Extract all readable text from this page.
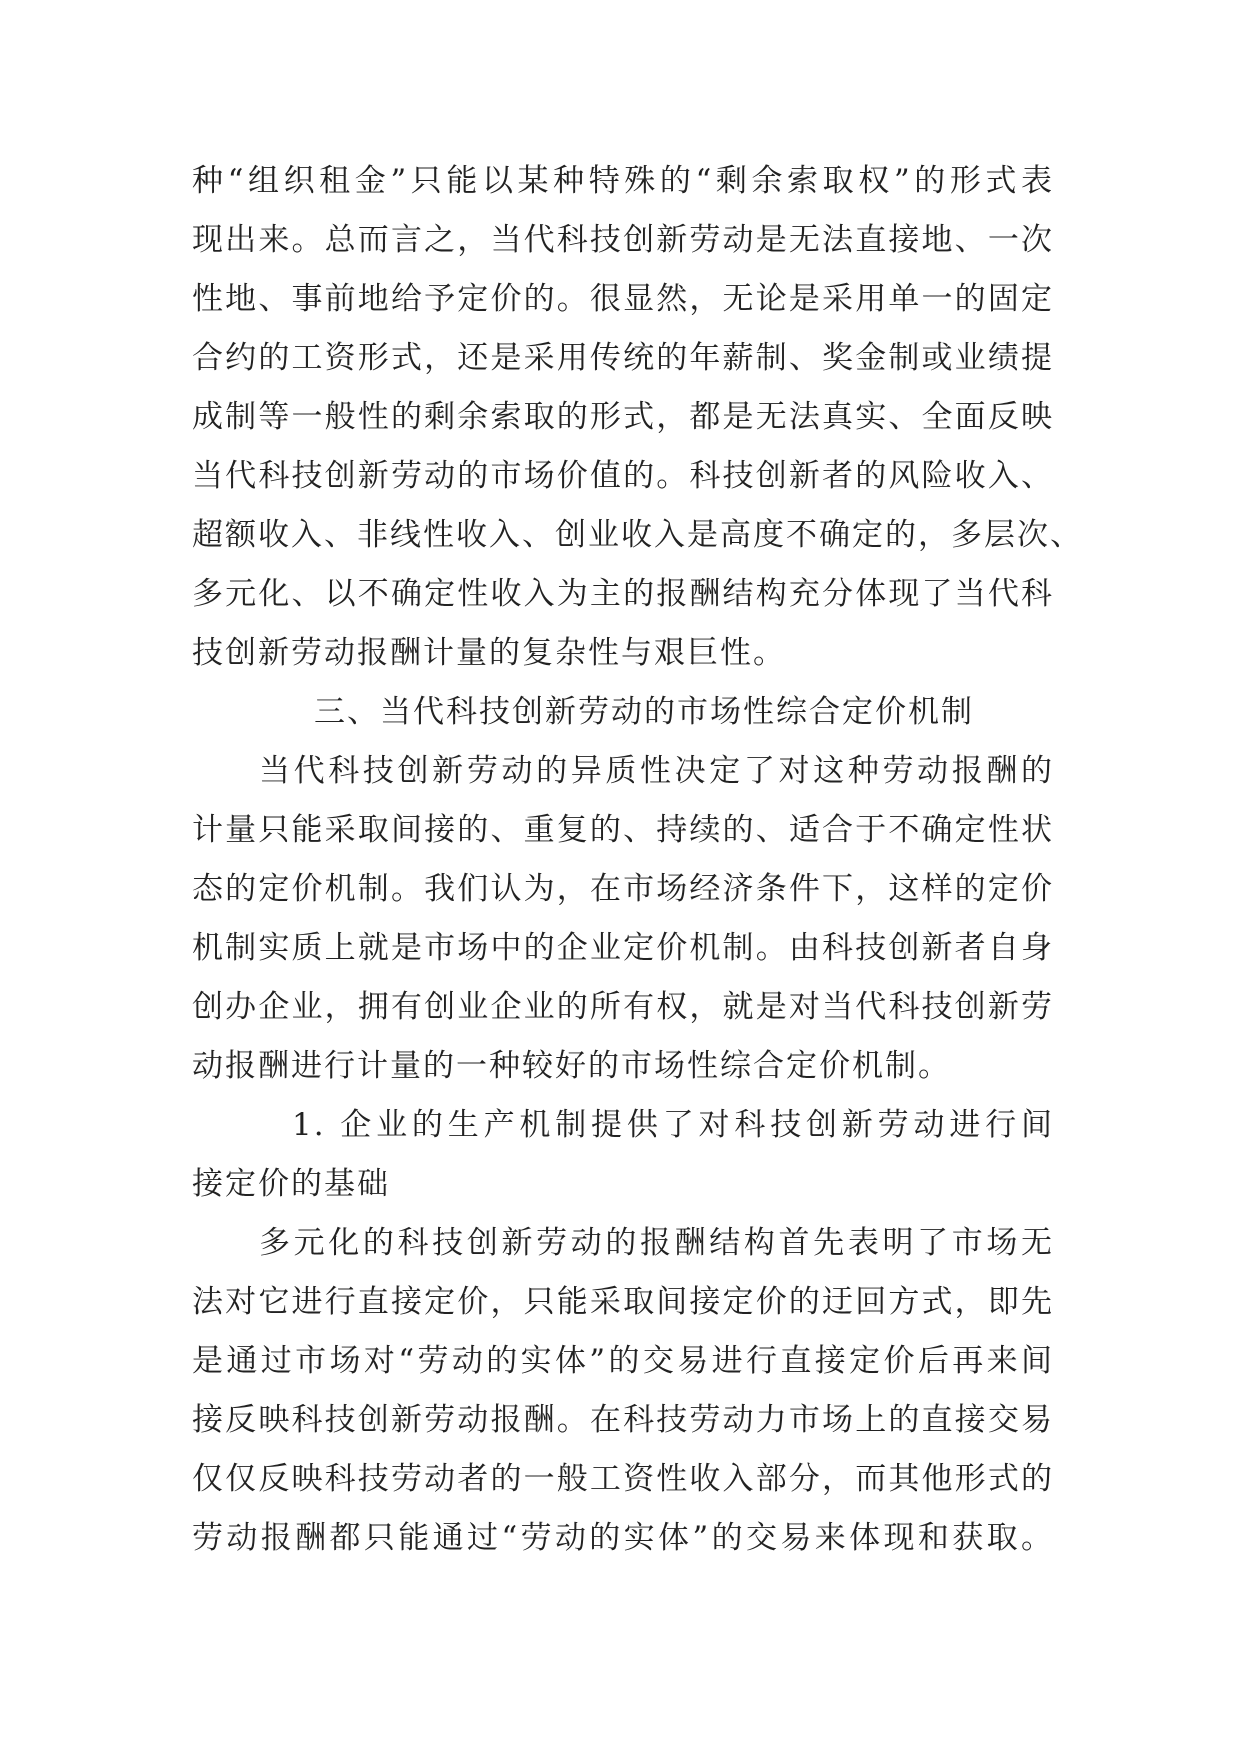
种“组织租金”只能以某种特殊的“剩余索取权”的形式表
现出来。总而言之，当代科技创新劳动是无法直接地、一次
性地、事前地给予定价的。很显然，无论是采用单一的固定
合约的工资形式，还是采用传统的年薪制、奖金制或业绩提
成制等一般性的剩余索取的形式，都是无法真实、全面反映
当代科技创新劳动的市场价值的。科技创新者的风险收入、
超额收入、非线性收入、创业收入是高度不确定的，多层次、
多元化、以不确定性收入为主的报酬结构充分体现了当代科
技创新劳动报酬计量的复杂性与艰巨性。
三、当代科技创新劳动的市场性综合定价机制
当代科技创新劳动的异质性决定了对这种劳动报酬的
计量只能采取间接的、重复的、持续的、适合于不确定性状
态的定价机制。我们认为，在市场经济条件下，这样的定价
机制实质上就是市场中的企业定价机制。由科技创新者自身
创办企业，拥有创业企业的所有权，就是对当代科技创新劳
动报酬进行计量的一种较好的市场性综合定价机制。
1. 企业的生产机制提供了对科技创新劳动进行间
接定价的基础
多元化的科技创新劳动的报酬结构首先表明了市场无
法对它进行直接定价，只能采取间接定价的迂回方式，即先
是通过市场对“劳动的实体”的交易进行直接定价后再来间
接反映科技创新劳动报酬。在科技劳动力市场上的直接交易
仅仅反映科技劳动者的一般工资性收入部分，而其他形式的
劳动报酬都只能通过“劳动的实体”的交易来体现和获取。
